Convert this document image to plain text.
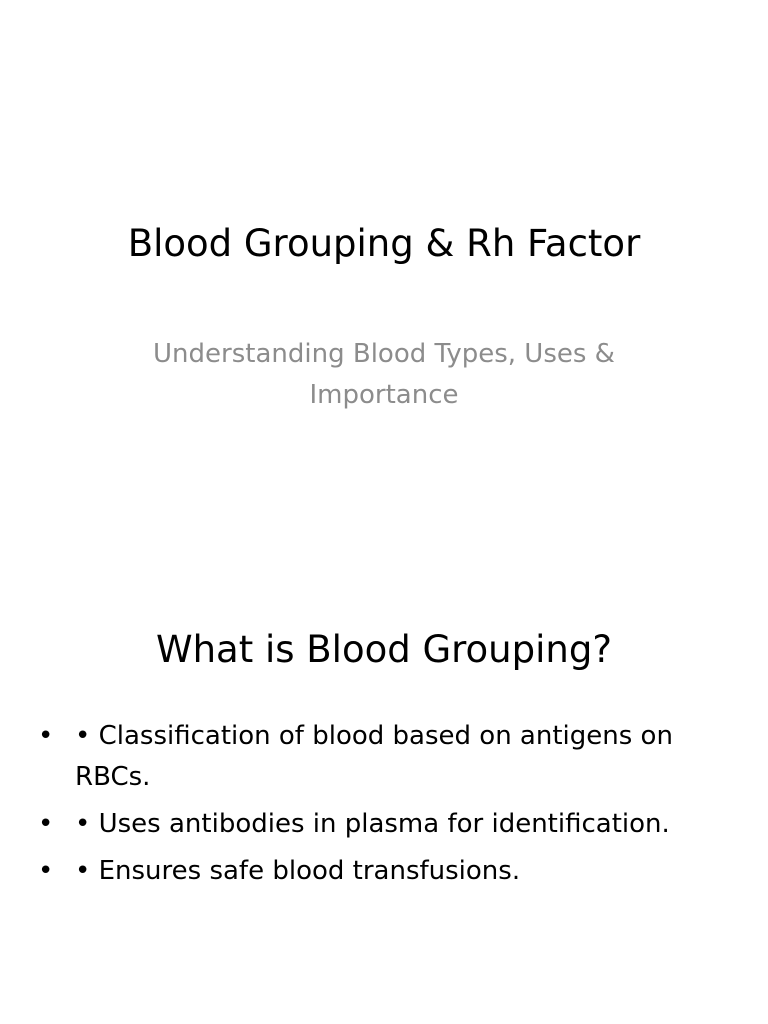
Blood Grouping & Rh Factor

Understanding Blood Types, Uses & Importance

What is Blood Grouping?
• • Classification of blood based on antigens on RBCs.
• • Uses antibodies in plasma for identification.
• • Ensures safe blood transfusions.
